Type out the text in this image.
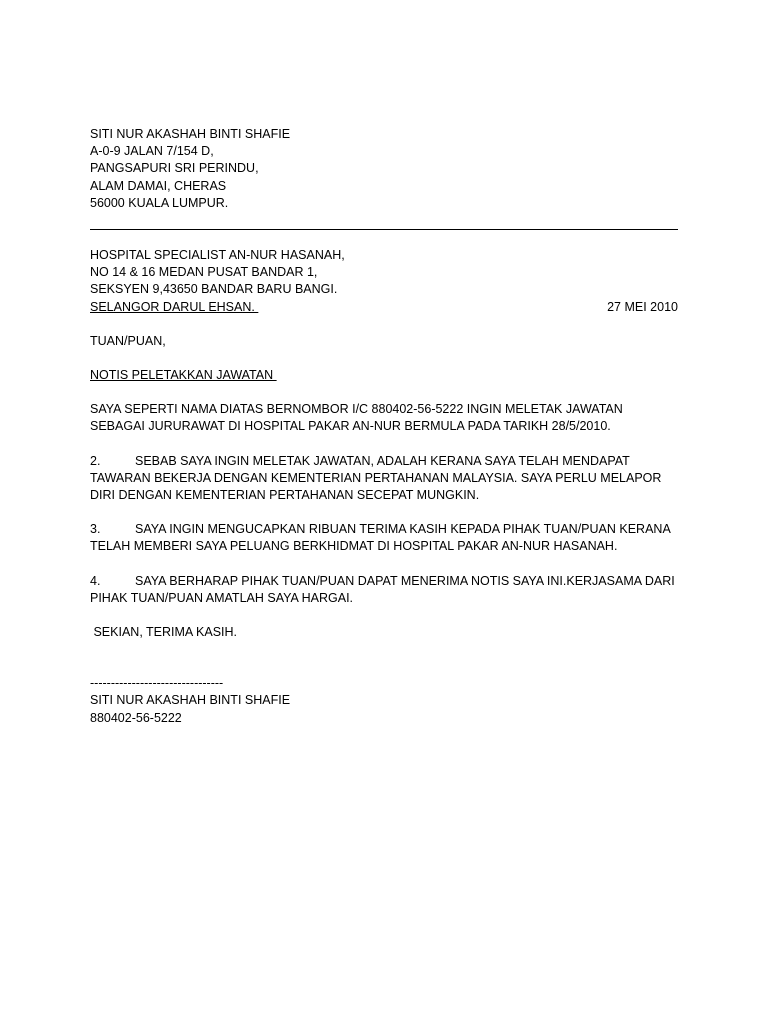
SITI NUR AKASHAH BINTI SHAFIE
A-0-9 JALAN 7/154 D,
PANGSAPURI SRI PERINDU,
ALAM DAMAI, CHERAS
56000 KUALA LUMPUR.
HOSPITAL SPECIALIST AN-NUR HASANAH,
NO 14 & 16 MEDAN PUSAT BANDAR 1,
SEKSYEN 9,43650 BANDAR BARU BANGI.
SELANGOR DARUL EHSAN.	27 MEI 2010
TUAN/PUAN,
NOTIS PELETAKKAN JAWATAN

SAYA SEPERTI NAMA DIATAS BERNOMBOR I/C 880402-56-5222 INGIN MELETAK JAWATAN SEBAGAI JURURAWAT DI HOSPITAL PAKAR AN-NUR BERMULA PADA TARIKH 28/5/2010.

2.	SEBAB SAYA INGIN MELETAK JAWATAN, ADALAH KERANA SAYA TELAH MENDAPAT TAWARAN BEKERJA DENGAN KEMENTERIAN PERTAHANAN MALAYSIA. SAYA PERLU MELAPOR DIRI DENGAN KEMENTERIAN PERTAHANAN SECEPAT MUNGKIN.

3.	SAYA INGIN MENGUCAPKAN RIBUAN TERIMA KASIH KEPADA PIHAK TUAN/PUAN KERANA TELAH MEMBERI SAYA PELUANG BERKHIDMAT DI HOSPITAL PAKAR AN-NUR HASANAH.

4.	SAYA BERHARAP PIHAK TUAN/PUAN DAPAT MENERIMA NOTIS SAYA INI.KERJASAMA DARI PIHAK TUAN/PUAN AMATLAH SAYA HARGAI.

SEKIAN, TERIMA KASIH.
--------------------------------
SITI NUR AKASHAH BINTI SHAFIE
880402-56-5222
